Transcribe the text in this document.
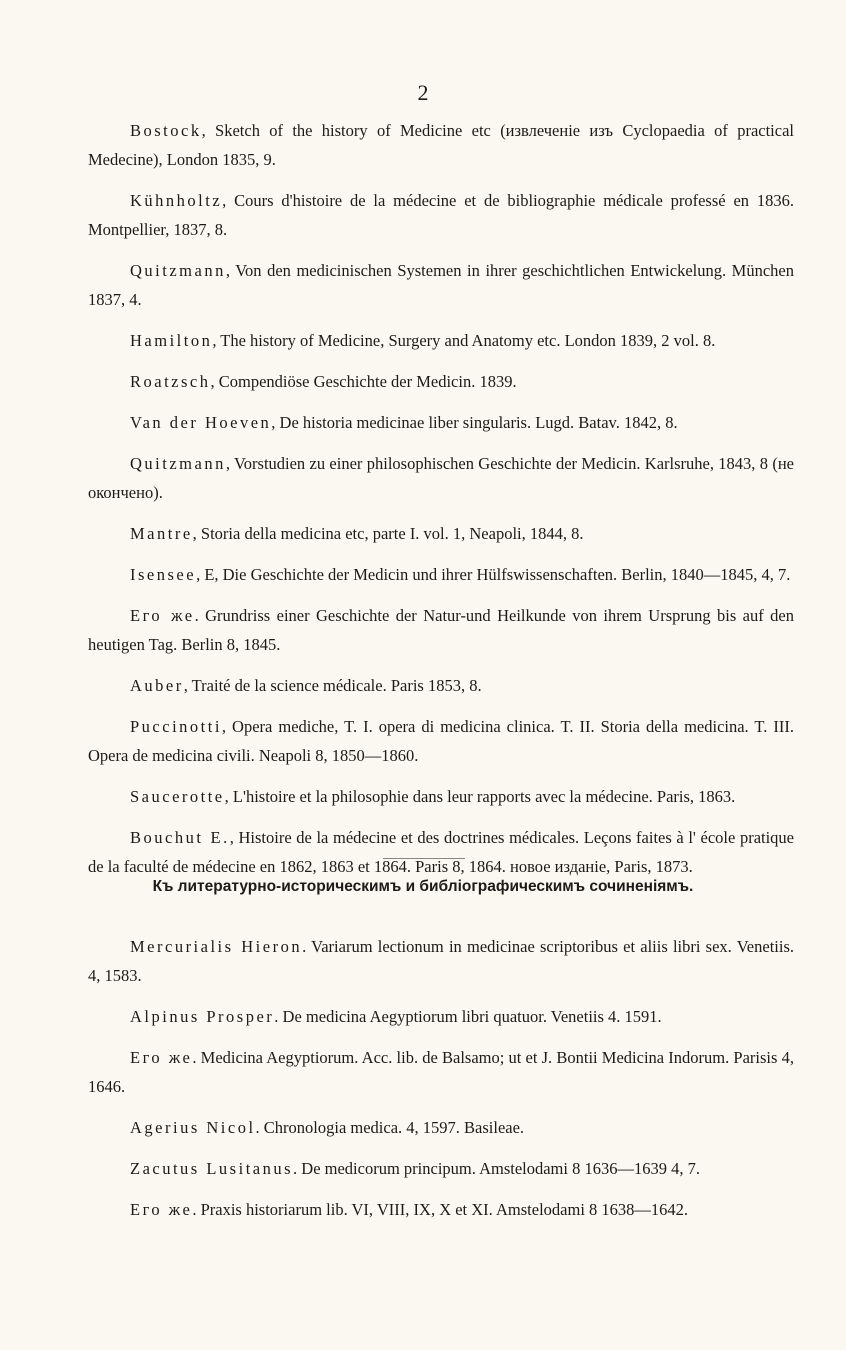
2

Bostock, Sketch of the history of Medicine etc (извлеченіе изъ Cyclopaedia of practical Medecine), London 1835, 9.

Kühnholtz, Cours d'histoire de la médecine et de bibliographie médicale professé en 1836. Montpellier, 1837, 8.

Quitzmann, Von den medicinischen Systemen in ihrer geschichtlichen Entwickelung. München 1837, 4.

Hamilton, The history of Medicine, Surgery and Anatomy etc. London 1839, 2 vol. 8.

Roatzsch, Compendiöse Geschichte der Medicin. 1839.

Van der Hoeven, De historia medicinae liber singularis. Lugd. Batav. 1842, 8.

Quitzmann, Vorstudien zu einer philosophischen Geschichte der Medicin. Karlsruhe, 1843, 8 (не окончено).

Mantre, Storia della medicina etc, parte I. vol. 1, Neapoli, 1844, 8.

Isensee, E, Die Geschichte der Medicin und ihrer Hülfswissenschaften. Berlin, 1840—1845, 4, 7.

Его же. Grundriss einer Geschichte der Natur-und Heilkunde von ihrem Ursprung bis auf den heutigen Tag. Berlin 8, 1845.

Auber, Traité de la science médicale. Paris 1853, 8.

Puccinotti, Opera mediche, T. I. opera di medicina clinica. T. II. Storia della medicina. T. III. Opera de medicina civili. Neapoli 8, 1850—1860.

Saucerotte, L'histoire et la philosophie dans leur rapports avec la médecine. Paris, 1863.

Bouchut E., Histoire de la médecine et des doctrines médicales. Leçons faites à l' école pratique de la faculté de médecine en 1862, 1863 et 1864. Paris 8, 1864. новое изданіе, Paris, 1873.

Къ литературно-историческимъ и библіографическимъ сочиненіямъ.

Mercurialis Hieron. Variarum lectionum in medicinae scriptoribus et aliis libri sex. Venetiis. 4, 1583.

Alpinus Prosper. De medicina Aegyptiorum libri quatuor. Venetiis 4. 1591.

Его же. Medicina Aegyptiorum. Acc. lib. de Balsamo; ut et J. Bontii Medicina Indorum. Parisis 4, 1646.

Agerius Nicol. Chronologia medica. 4, 1597. Basileae.

Zacutus Lusitanus. De medicorum principum. Amstelodami 8 1636—1639 4, 7.

Его же. Praxis historiarum lib. VI, VIII, IX, X et XI. Amstelodami 8 1638—1642.
